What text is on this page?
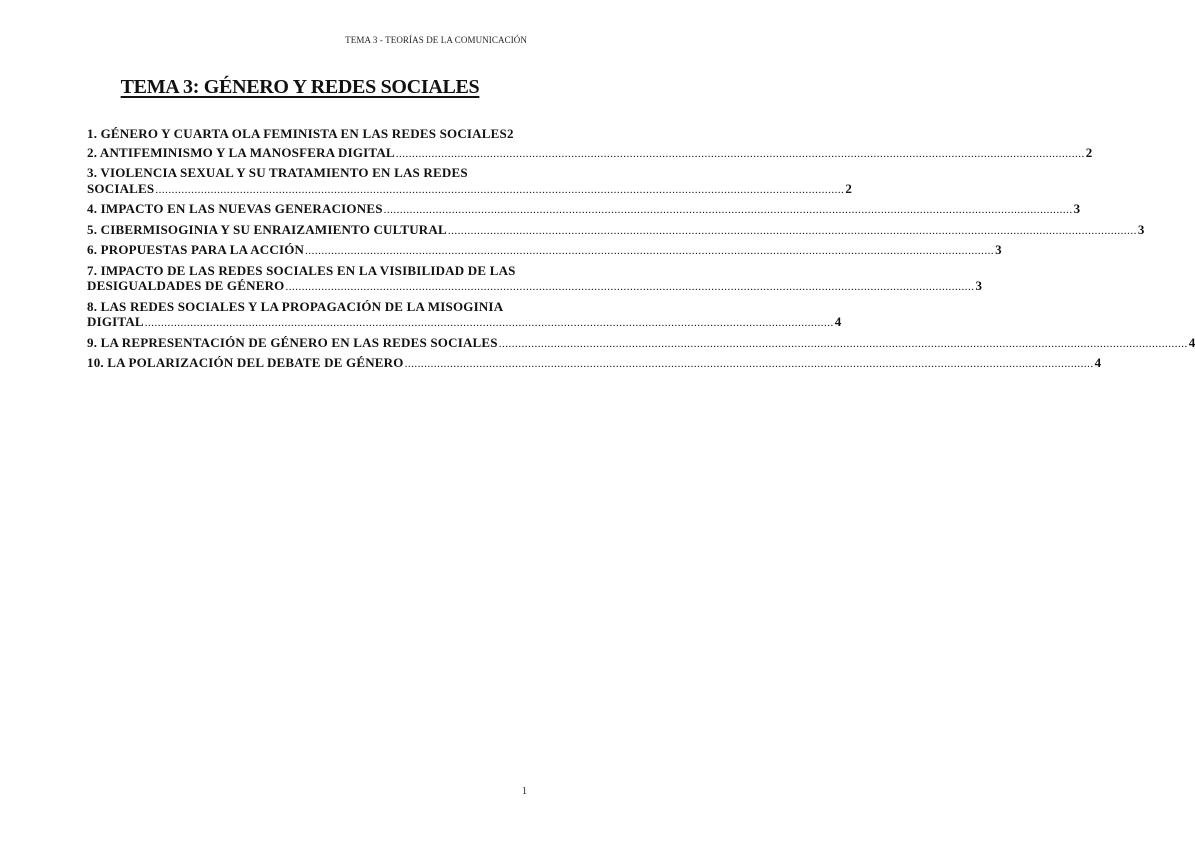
TEMA 3 - TEORÍAS DE LA COMUNICACIÓN
TEMA 3: GÉNERO Y REDES SOCIALES
1. GÉNERO Y CUARTA OLA FEMINISTA EN LAS REDES SOCIALES 2
2. ANTIFEMINISMO Y LA MANOSFERA DIGITAL .....	2
3. VIOLENCIA SEXUAL Y SU TRATAMIENTO EN LAS REDES
SOCIALES .....	2
4. IMPACTO EN LAS NUEVAS GENERACIONES .....	3
5. CIBERMISOGINIA Y SU ENRAIZAMIENTO CULTURAL .....	3
6. PROPUESTAS PARA LA ACCIÓN .....	3
7. IMPACTO DE LAS REDES SOCIALES EN LA VISIBILIDAD DE LAS
DESIGUALDADES DE GÉNERO .....	3
8. LAS REDES SOCIALES Y LA PROPAGACIÓN DE LA MISOGINIA
DIGITAL .....	4
9. LA REPRESENTACIÓN DE GÉNERO EN LAS REDES SOCIALES .....	4
10. LA POLARIZACIÓN DEL DEBATE DE GÉNERO .....	4
1
